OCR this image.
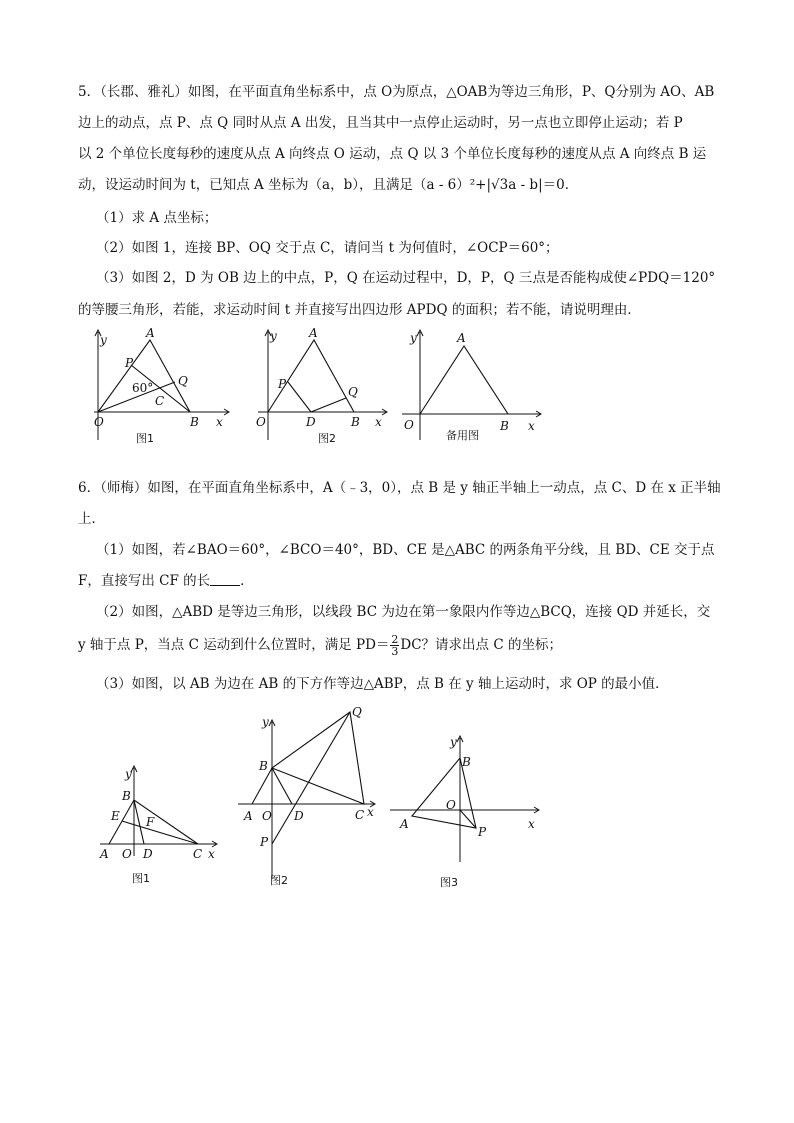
5．（长郡、雅礼）如图，在平面直角坐标系中，点 O为原点，△OAB为等边三角形，P、Q分别为 AO、AB
边上的动点，点 P、点 Q 同时从点 A 出发，且当其中一点停止运动时，另一点也立即停止运动；若 P
以 2 个单位长度每秒的速度从点 A 向终点 O 运动，点 Q 以 3 个单位长度每秒的速度从点 A 向终点 B 运
动，设运动时间为 t，已知点 A 坐标为（a，b），且满足（a - 6）²+|√3a - b|＝0．
（1）求 A 点坐标；
（2）如图 1，连接 BP、OQ 交于点 C，请问当 t 为何值时，∠OCP＝60°；
（3）如图 2，D 为 OB 边上的中点，P，Q 在运动过程中，D，P，Q 三点是否能构成使∠PDQ＝120°
的等腰三角形，若能，求运动时间 t 并直接写出四边形 APDQ 的面积；若不能，请说明理由．
y	A
P
Q
60°
C
O	B x
图1
y	A
P
Q
O	D	B x
图2
y	A
O	B x
备用图
6．（师梅）如图，在平面直角坐标系中，A（﹣3，0），点 B 是 y 轴正半轴上一动点，点 C、D 在 x 正半轴
上．
（1）如图，若∠BAO＝60°，∠BCO＝40°，BD、CE 是△ABC 的两条角平分线，且 BD、CE 交于点
F，直接写出 CF 的长 ．
（2）如图，△ABD 是等边三角形，以线段 BC 为边在第一象限内作等边△BCQ，连接 QD 并延长，交
y 轴于点 P，当点 C 运动到什么位置时，满足 $PD= \frac{2}{3}$ DC？请求出点 C 的坐标；
（3）如图，以 AB 为边在 AB 的下方作等边△ABP，点 B 在 y 轴上运动时，求 OP 的最小值．
y
B
E F
A O D	C x
图1
y
Q
B
A O D	C x
P
图2
y
B
O
A
P
x
图3
